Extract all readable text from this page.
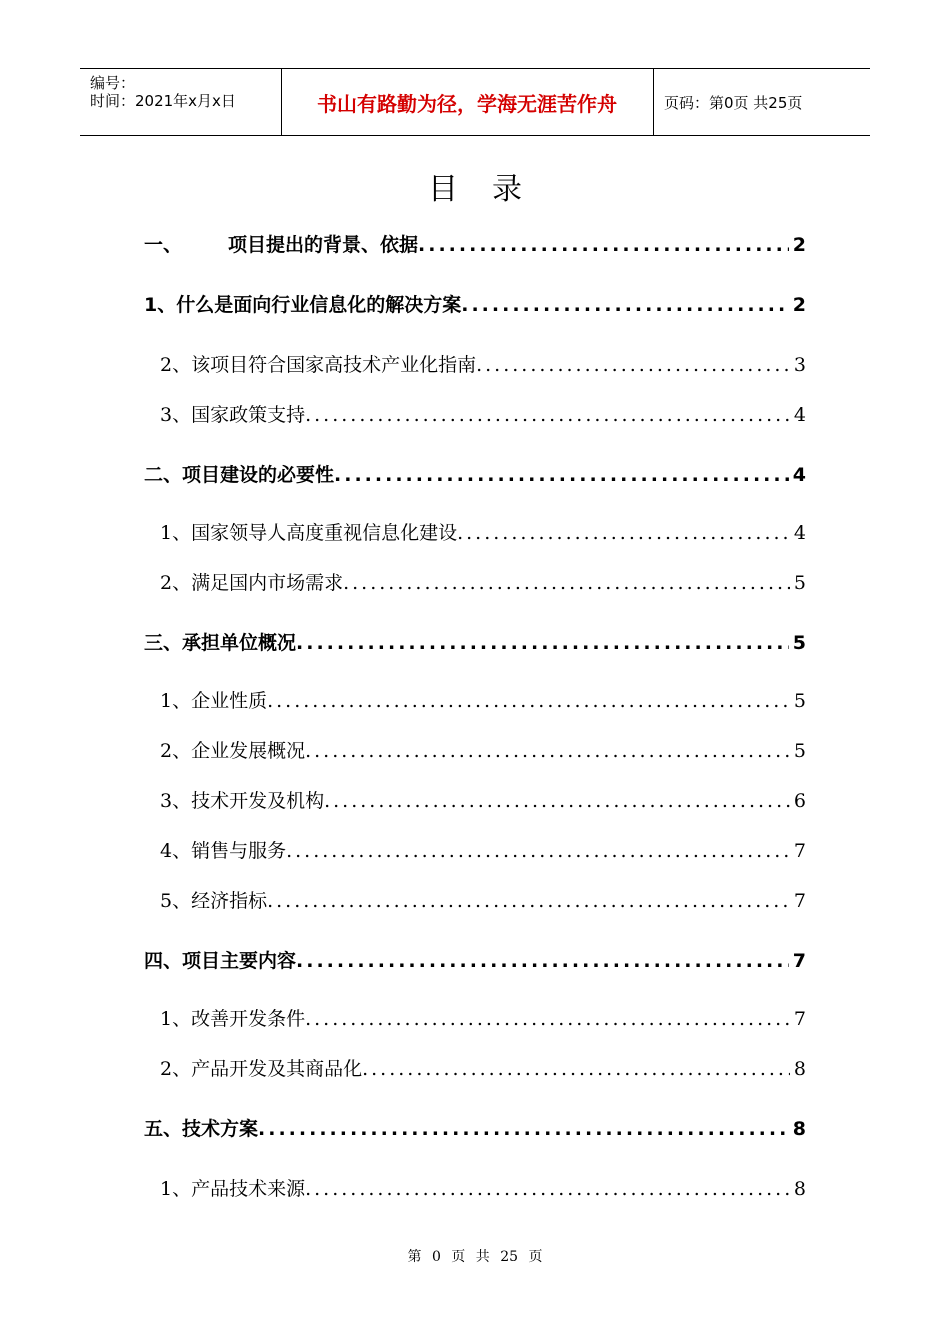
编号：
时间：2021年x月x日	书山有路勤为径，学海无涯苦作舟	页码：第0页 共25页
目录
一、 项目提出的背景、依据 .....	2
1、什么是面向行业信息化的解决方案 .....	2
2、该项目符合国家高技术产业化指南 .....	3
3、国家政策支持 .....	4
二、项目建设的必要性 .....	4
1、国家领导人高度重视信息化建设 .....	4
2、满足国内市场需求 .....	5
三、承担单位概况 .....	5
1、企业性质 .....	5
2、企业发展概况 .....	5
3、技术开发及机构 .....	6
4、销售与服务 .....	7
5、经济指标 .....	7
四、项目主要内容 .....	7
1、改善开发条件 .....	7
2、产品开发及其商品化 .....	8
五、技术方案 .....	8
1、产品技术来源 .....	8
第 0 页 共 25 页
